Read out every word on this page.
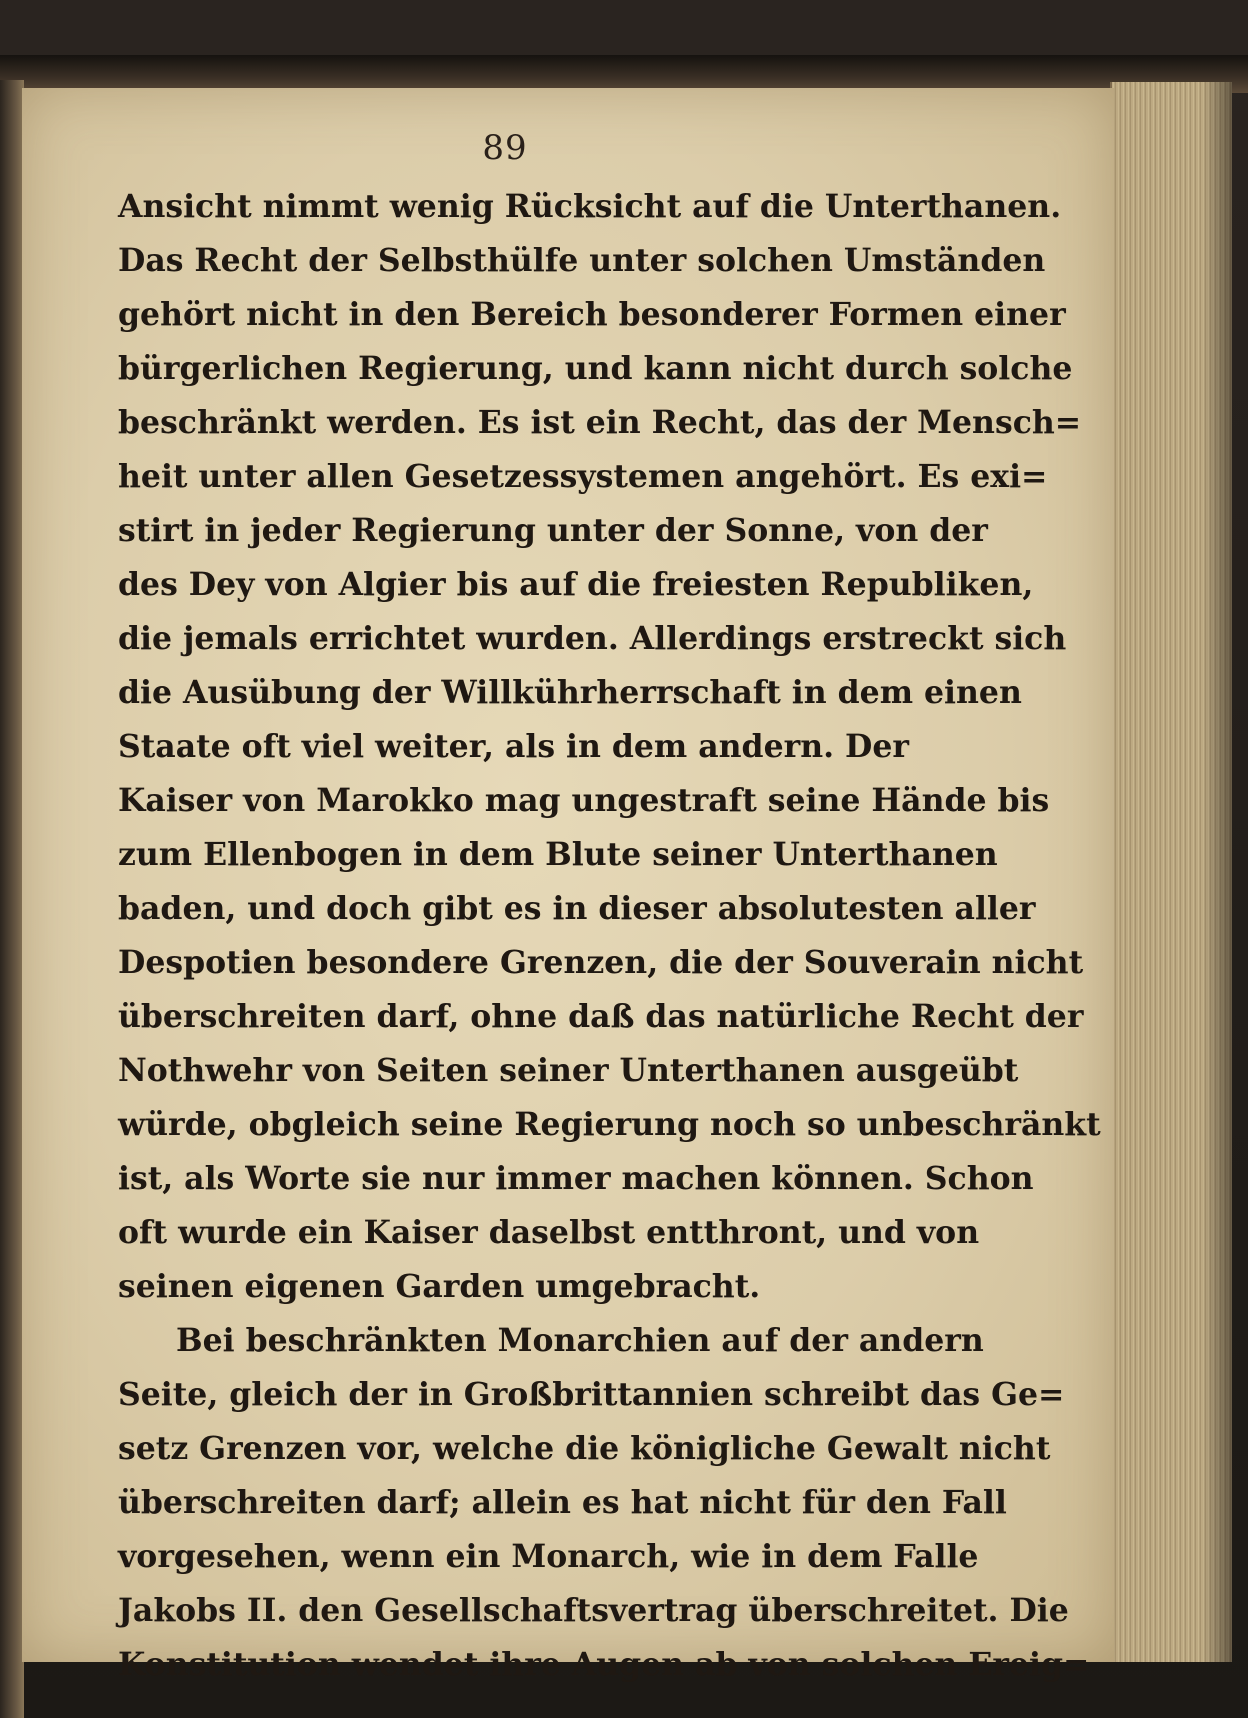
89
Ansicht nimmt wenig Rücksicht auf die Unterthanen.
Das Recht der Selbsthülfe unter solchen Umständen
gehört nicht in den Bereich besonderer Formen einer
bürgerlichen Regierung, und kann nicht durch solche
beschränkt werden. Es ist ein Recht, das der Mensch=
heit unter allen Gesetzessystemen angehört. Es exi=
stirt in jeder Regierung unter der Sonne, von der
des Dey von Algier bis auf die freiesten Republiken,
die jemals errichtet wurden. Allerdings erstreckt sich
die Ausübung der Willkührherrschaft in dem einen
Staate oft viel weiter, als in dem andern. Der
Kaiser von Marokko mag ungestraft seine Hände bis
zum Ellenbogen in dem Blute seiner Unterthanen
baden, und doch gibt es in dieser absolutesten aller
Despotien besondere Grenzen, die der Souverain nicht
überschreiten darf, ohne daß das natürliche Recht der
Nothwehr von Seiten seiner Unterthanen ausgeübt
würde, obgleich seine Regierung noch so unbeschränkt
ist, als Worte sie nur immer machen können. Schon
oft wurde ein Kaiser daselbst entthront, und von
seinen eigenen Garden umgebracht.
Bei beschränkten Monarchien auf der andern
Seite, gleich der in Großbrittannien schreibt das Ge=
setz Grenzen vor, welche die königliche Gewalt nicht
überschreiten darf; allein es hat nicht für den Fall
vorgesehen, wenn ein Monarch, wie in dem Falle
Jakobs II. den Gesellschaftsvertrag überschreitet. Die
Konstitution wendet ihre Augen ab von solchen Ereig=
